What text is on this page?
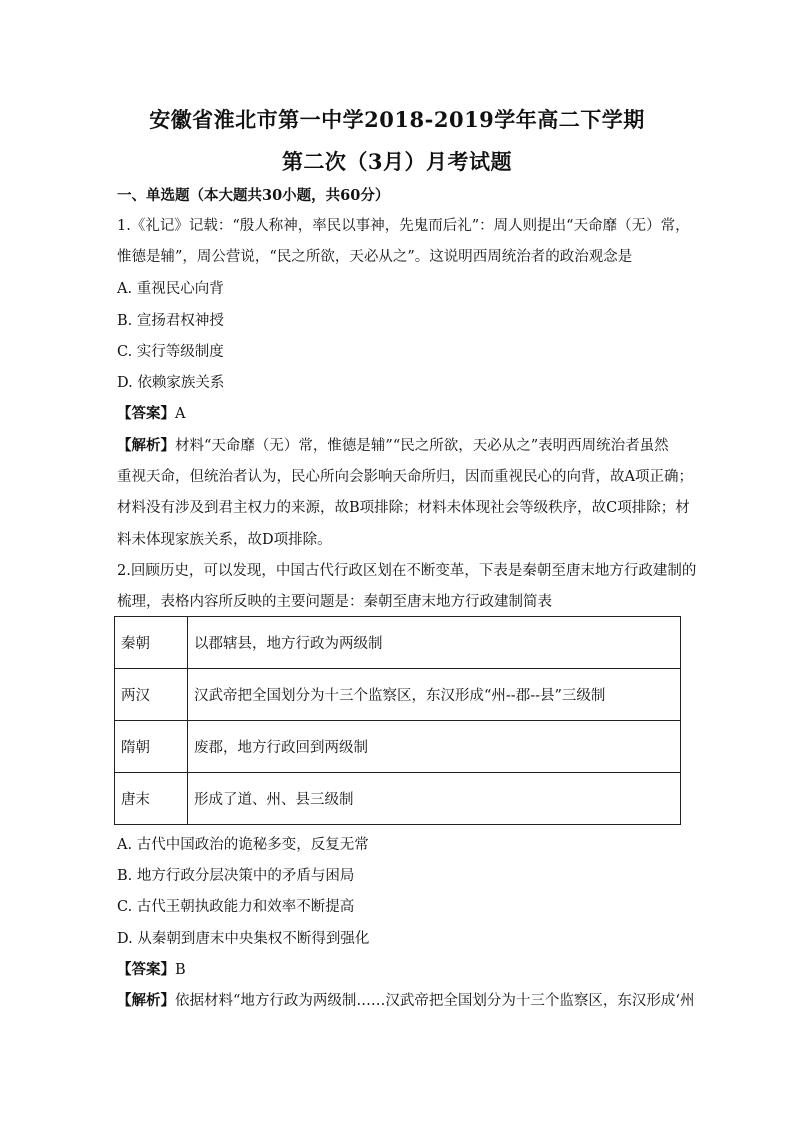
安徽省淮北市第一中学2018-2019学年高二下学期
第二次（3月）月考试题
一、单选题（本大题共30小题，共60分）
1.《礼记》记载：“殷人称神，率民以事神，先鬼而后礼”：周人则提出“天命靡（无）常，
惟德是辅”，周公营说，“民之所欲，天必从之”。这说明西周统治者的政治观念是
A. 重视民心向背
B. 宣扬君权神授
C. 实行等级制度
D. 依赖家族关系
【答案】A
【解析】材料“天命靡（无）常，惟德是辅”“民之所欲，天必从之”表明西周统治者虽然
重视天命，但统治者认为，民心所向会影响天命所归，因而重视民心的向背，故A项正确；
材料没有涉及到君主权力的来源，故B项排除；材料未体现社会等级秩序，故C项排除；材
料未体现家族关系，故D项排除。
2.回顾历史，可以发现，中国古代行政区划在不断变革，下表是秦朝至唐末地方行政建制的
梳理，表格内容所反映的主要问题是：秦朝至唐末地方行政建制简表
秦朝	以郡辖县，地方行政为两级制
两汉	汉武帝把全国划分为十三个监察区，东汉形成“州--郡--县”三级制
隋朝	废郡，地方行政回到两级制
唐末	形成了道、州、县三级制
A. 古代中国政治的诡秘多变，反复无常
B. 地方行政分层决策中的矛盾与困局
C. 古代王朝执政能力和效率不断提高
D. 从秦朝到唐末中央集权不断得到强化
【答案】B
【解析】依据材料“地方行政为两级制……汉武帝把全国划分为十三个监察区，东汉形成‘州
